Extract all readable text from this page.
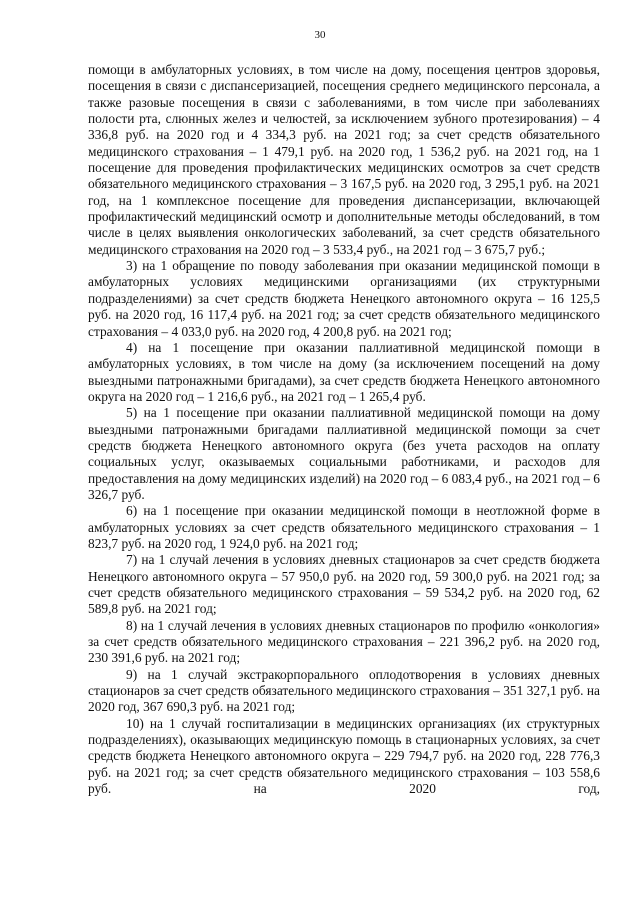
30

помощи в амбулаторных условиях, в том числе на дому, посещения центров здоровья, посещения в связи с диспансеризацией, посещения среднего медицинского персонала, а также разовые посещения в связи с заболеваниями, в том числе при заболеваниях полости рта, слюнных желез и челюстей, за исключением зубного протезирования) – 4 336,8 руб. на 2020 год и 4 334,3 руб. на 2021 год; за счет средств обязательного медицинского страхования – 1 479,1 руб. на 2020 год, 1 536,2 руб. на 2021 год, на 1 посещение для проведения профилактических медицинских осмотров за счет средств обязательного медицинского страхования – 3 167,5 руб. на 2020 год, 3 295,1 руб. на 2021 год, на 1 комплексное посещение для проведения диспансеризации, включающей профилактический медицинский осмотр и дополнительные методы обследований, в том числе в целях выявления онкологических заболеваний, за счет средств обязательного медицинского страхования на 2020 год – 3 533,4 руб., на 2021 год – 3 675,7 руб.;

3) на 1 обращение по поводу заболевания при оказании медицинской помощи в амбулаторных условиях медицинскими организациями (их структурными подразделениями) за счет средств бюджета Ненецкого автономного округа – 16 125,5 руб. на 2020 год, 16 117,4 руб. на 2021 год; за счет средств обязательного медицинского страхования – 4 033,0 руб. на 2020 год, 4 200,8 руб. на 2021 год;

4) на 1 посещение при оказании паллиативной медицинской помощи в амбулаторных условиях, в том числе на дому (за исключением посещений на дому выездными патронажными бригадами), за счет средств бюджета Ненецкого автономного округа на 2020 год – 1 216,6 руб., на 2021 год – 1 265,4 руб.

5) на 1 посещение при оказании паллиативной медицинской помощи на дому выездными патронажными бригадами паллиативной медицинской помощи за счет средств бюджета Ненецкого автономного округа (без учета расходов на оплату социальных услуг, оказываемых социальными работниками, и расходов для предоставления на дому медицинских изделий) на 2020 год – 6 083,4 руб., на 2021 год – 6 326,7 руб.

6) на 1 посещение при оказании медицинской помощи в неотложной форме в амбулаторных условиях за счет средств обязательного медицинского страхования – 1 823,7 руб. на 2020 год, 1 924,0 руб. на 2021 год;

7) на 1 случай лечения в условиях дневных стационаров за счет средств бюджета Ненецкого автономного округа – 57 950,0 руб. на 2020 год, 59 300,0 руб. на 2021 год; за счет средств обязательного медицинского страхования – 59 534,2 руб. на 2020 год, 62 589,8 руб. на 2021 год;

8) на 1 случай лечения в условиях дневных стационаров по профилю «онкология» за счет средств обязательного медицинского страхования – 221 396,2 руб. на 2020 год, 230 391,6 руб. на 2021 год;

9) на 1 случай экстракорпорального оплодотворения в условиях дневных стационаров за счет средств обязательного медицинского страхования – 351 327,1 руб. на 2020 год, 367 690,3 руб. на 2021 год;

10) на 1 случай госпитализации в медицинских организациях (их структурных подразделениях), оказывающих медицинскую помощь в стационарных условиях, за счет средств бюджета Ненецкого автономного округа – 229 794,7 руб. на 2020 год, 228 776,3 руб. на 2021 год; за счет средств обязательного медицинского страхования – 103 558,6 руб. на 2020 год,
